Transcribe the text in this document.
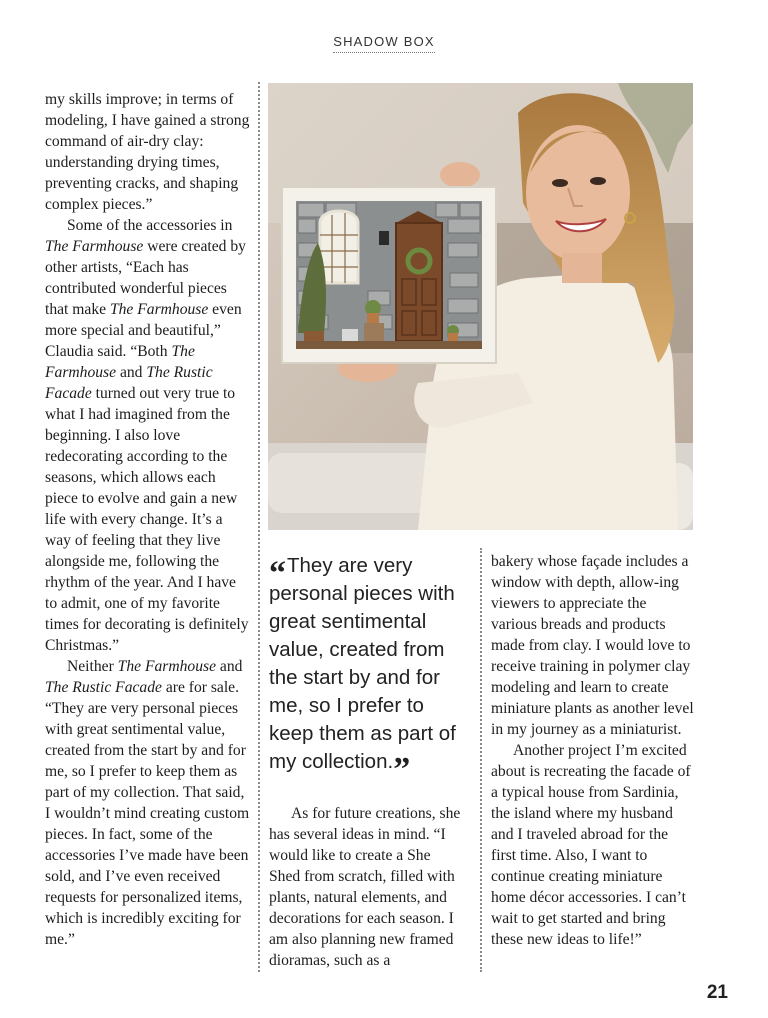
SHADOW BOX

my skills improve; in terms of modeling, I have gained a strong command of air-dry clay: understanding drying times, preventing cracks, and shaping complex pieces.”

Some of the accessories in The Farmhouse were created by other artists, “Each has contributed wonderful pieces that make The Farmhouse even more special and beautiful,” Claudia said. “Both The Farmhouse and The Rustic Facade turned out very true to what I had imagined from the beginning. I also love redecorating according to the seasons, which allows each piece to evolve and gain a new life with every change. It’s a way of feeling that they live alongside me, following the rhythm of the year. And I have to admit, one of my favorite times for decorating is definitely Christmas.”

Neither The Farmhouse and The Rustic Facade are for sale. “They are very personal pieces with great sentimental value, created from the start by and for me, so I prefer to keep them as part of my collection. That said, I wouldn’t mind creating custom pieces. In fact, some of the accessories I’ve made have been sold, and I’ve even received requests for personalized items, which is incredibly exciting for me.”

“They are very personal pieces with great sentimental value, created from the start by and for me, so I prefer to keep them as part of my collection.”

As for future creations, she has several ideas in mind. “I would like to create a She Shed from scratch, filled with plants, natural elements, and decorations for each season. I am also planning new framed dioramas, such as a

bakery whose façade includes a window with depth, allow-ing viewers to appreciate the various breads and products made from clay. I would love to receive training in polymer clay modeling and learn to create miniature plants as another level in my journey as a miniaturist.

Another project I’m excited about is recreating the facade of a typical house from Sardinia, the island where my husband and I traveled abroad for the first time. Also, I want to continue creating miniature home décor accessories. I can’t wait to get started and bring these new ideas to life!”

21
